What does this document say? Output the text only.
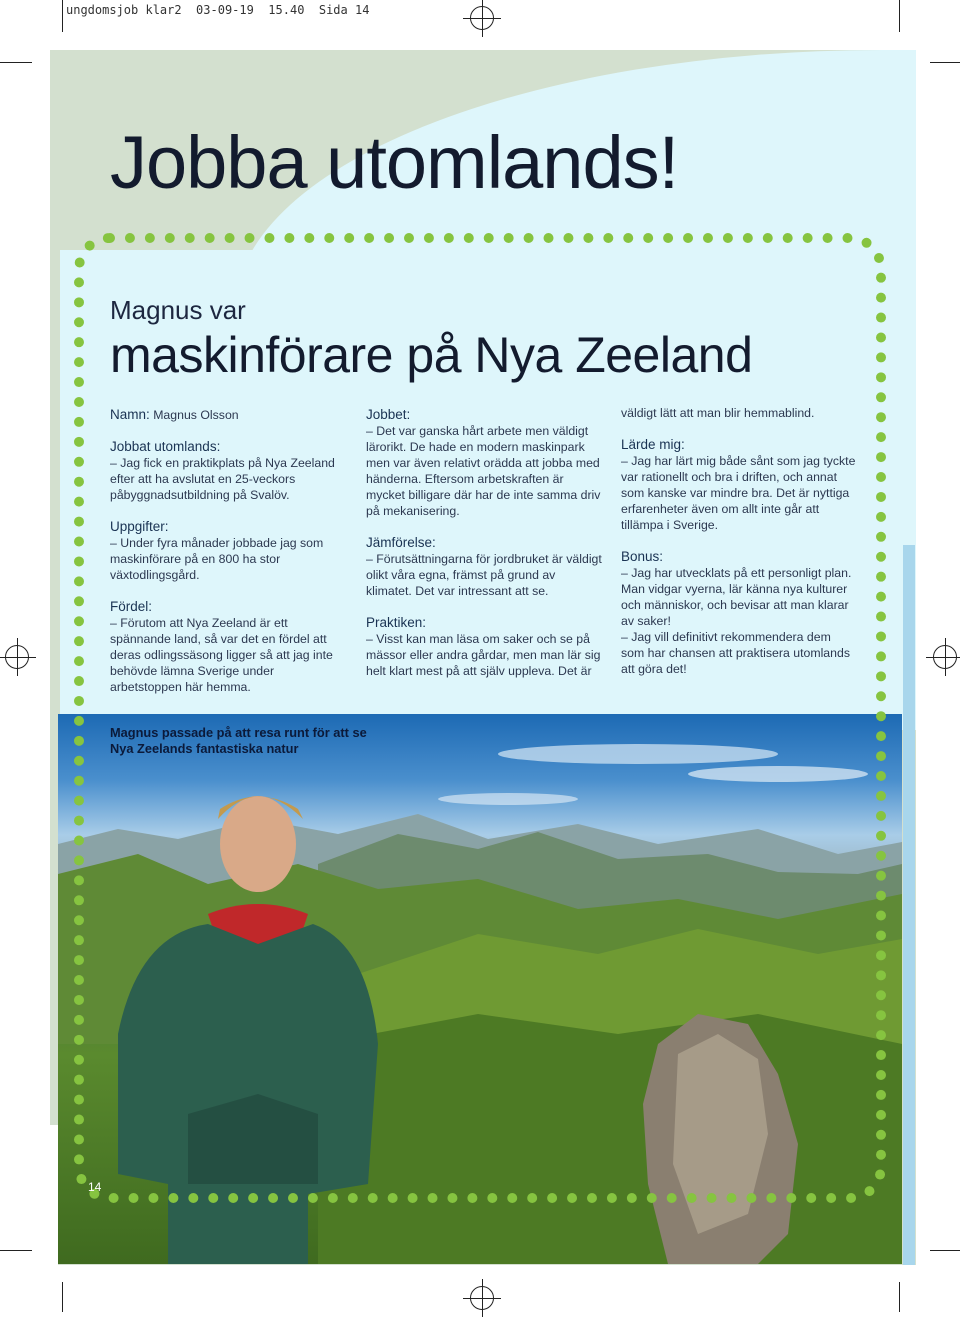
ungdomsjob klar2  03-09-19  15.40  Sida 14
Jobba utomlands!
Magnus passade på att resa runt för att se Nya Zeelands fantastiska natur
14

Magnus var

maskinförare på Nya Zeeland

Namn: Magnus Olsson

Jobbat utomlands:

– Jag fick en praktikplats på Nya Zeeland efter att ha avslutat en 25-veckors påbyggnadsutbildning på Svalöv.

Uppgifter:

– Under fyra månader jobbade jag som maskinförare på en 800 ha stor växtodlingsgård.

Fördel:

– Förutom att Nya Zeeland är ett spännande land, så var det en fördel att deras odlingssäsong ligger så att jag inte behövde lämna Sverige under arbetstoppen här hemma.

Jobbet:

– Det var ganska hårt arbete men väldigt lärorikt. De hade en modern maskinpark men var även relativt orädda att jobba med händerna. Eftersom arbetskraften är mycket billigare där har de inte samma driv på mekanisering.

Jämförelse:

– Förutsättningarna för jordbruket är väldigt olikt våra egna, främst på grund av klimatet. Det var intressant att se.

Praktiken:

– Visst kan man läsa om saker och se på mässor eller andra gårdar, men man lär sig helt klart mest på att själv uppleva. Det är

väldigt lätt att man blir hemmablind.

Lärde mig:

– Jag har lärt mig både sånt som jag tyckte var rationellt och bra i driften, och annat som kanske var mindre bra. Det är nyttiga erfarenheter även om allt inte går att tillämpa i Sverige.

Bonus:

– Jag har utvecklats på ett personligt plan. Man vidgar vyerna, lär känna nya kulturer och människor, och bevisar att man klarar av saker!

– Jag vill definitivt rekommendera dem som har chansen att praktisera utomlands att göra det!
